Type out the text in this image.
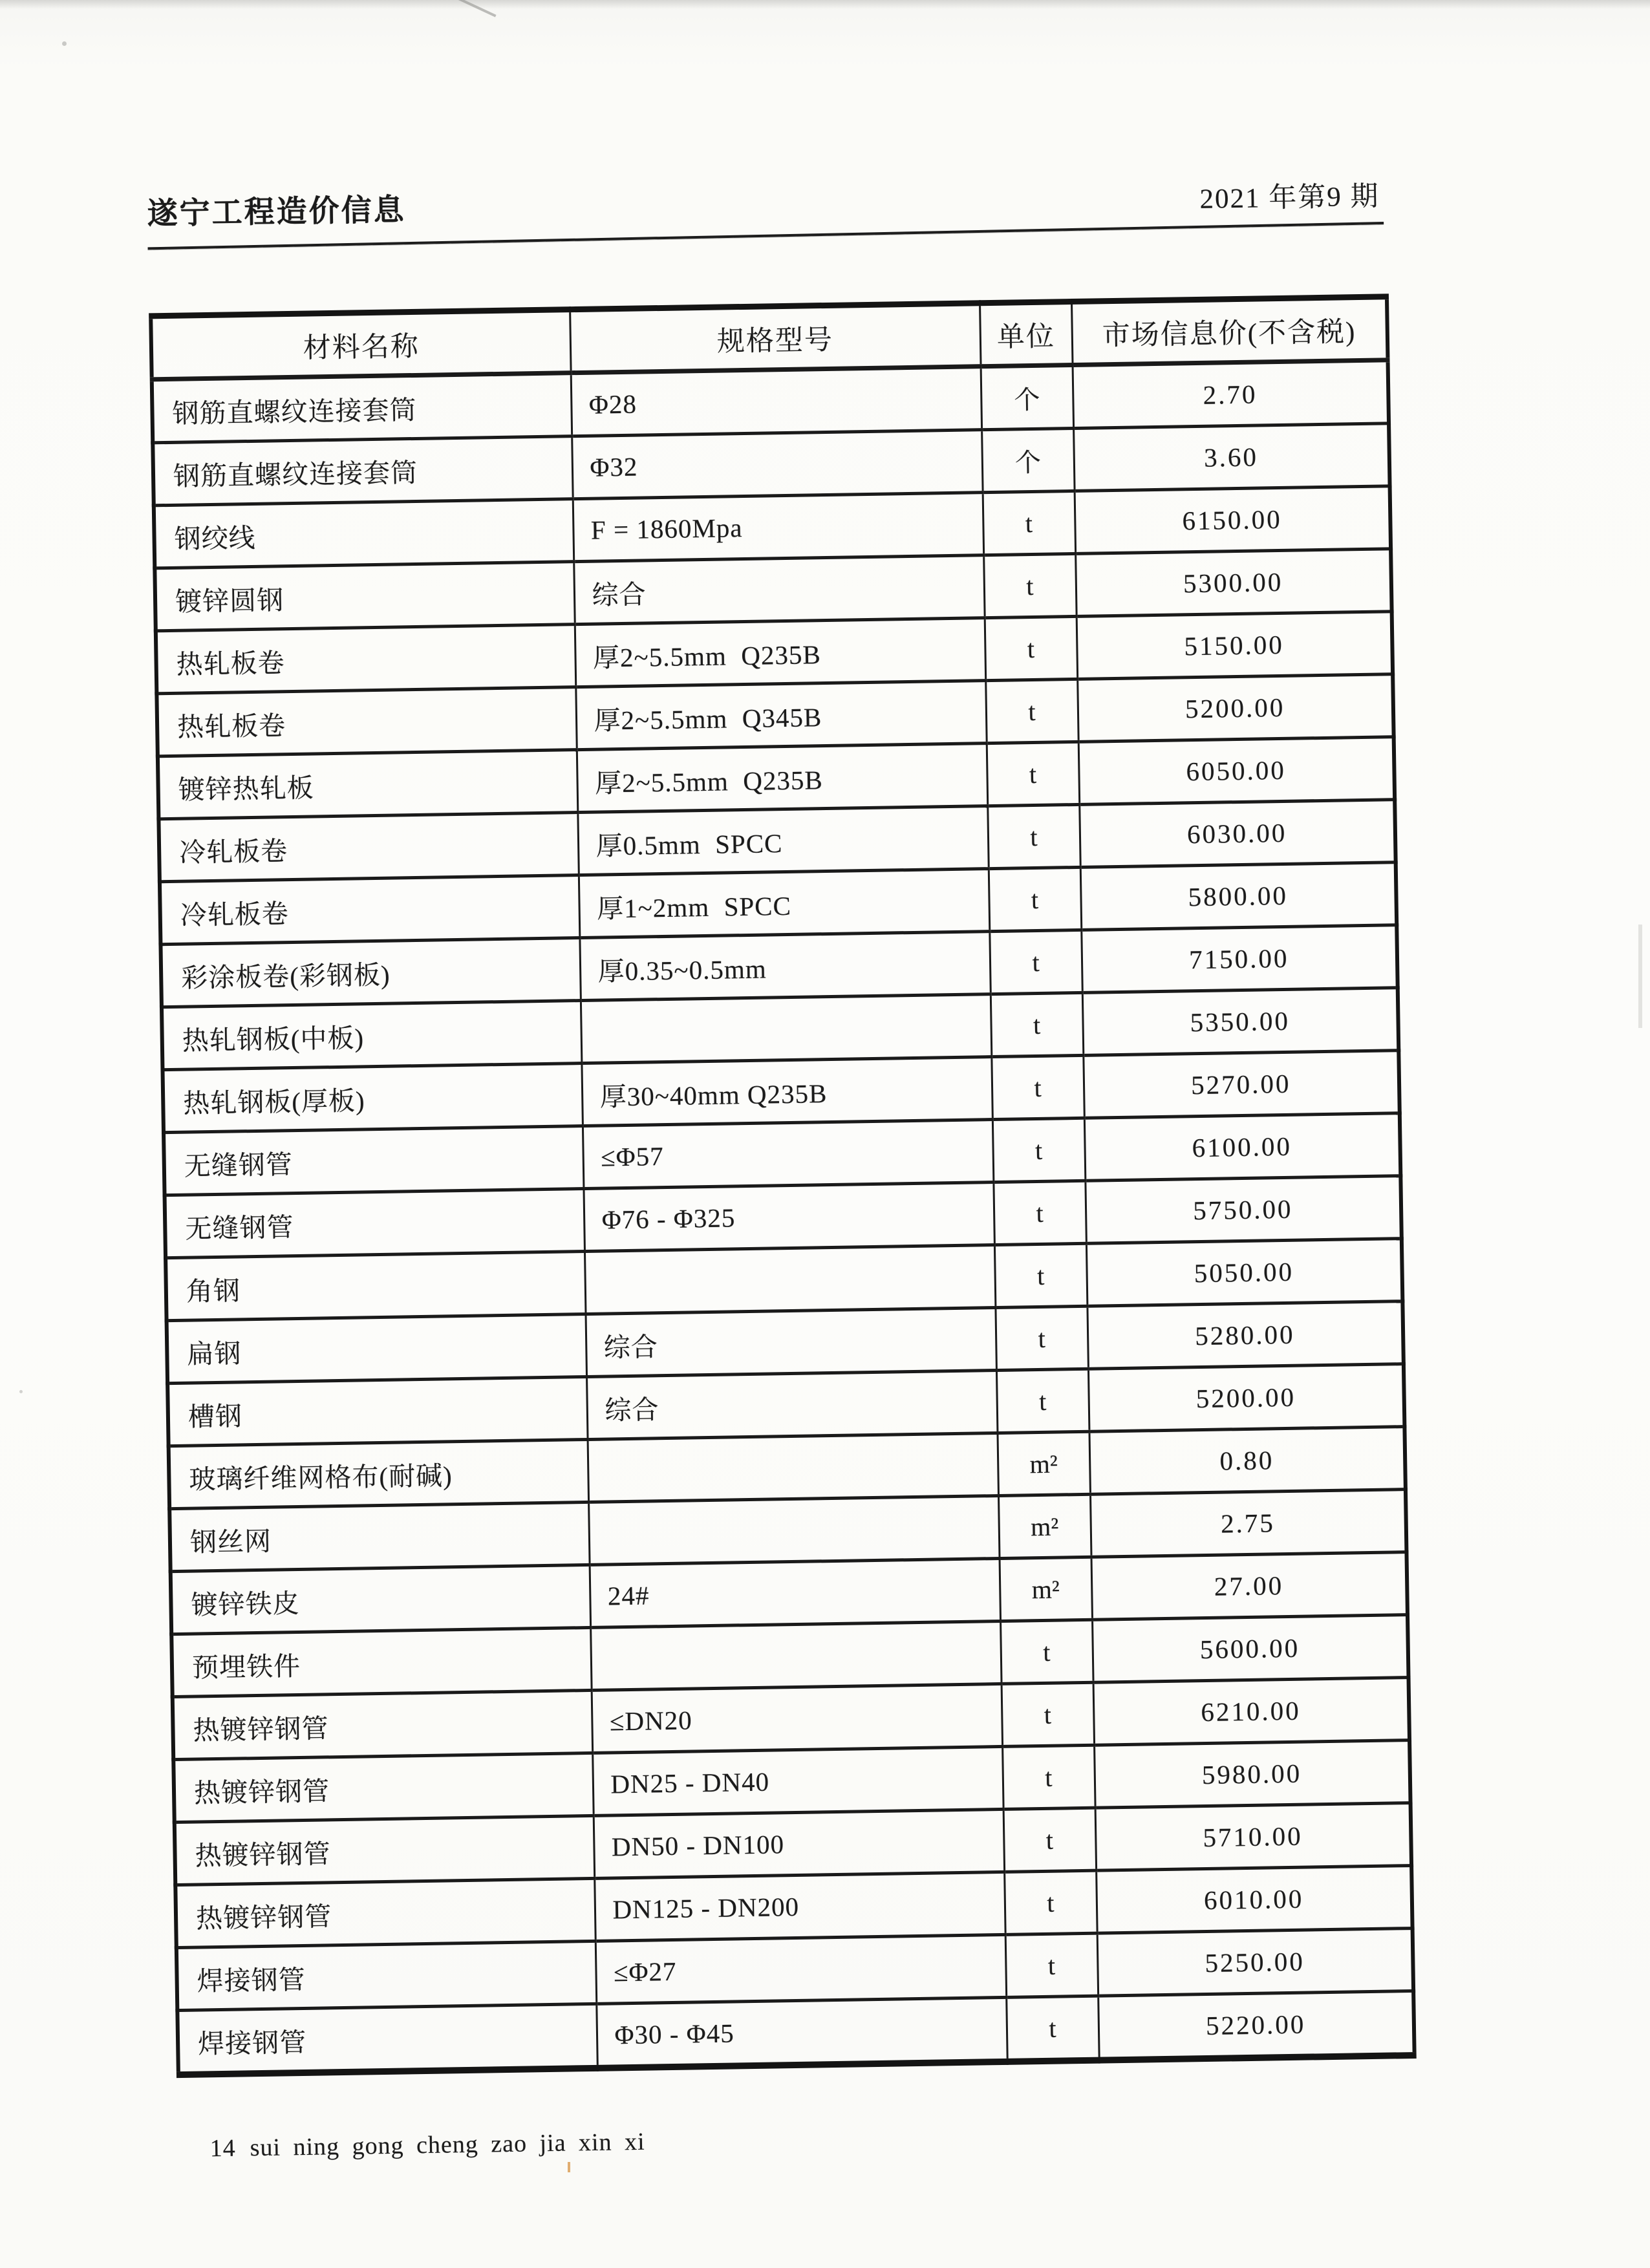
遂宁工程造价信息	2021 年第9 期
材料名称	规格型号	单位	市场信息价(不含税)
钢筋直螺纹连接套筒	Φ28	个	2.70
钢筋直螺纹连接套筒	Φ32	个	3.60
钢绞线	F = 1860Mpa	t	6150.00
镀锌圆钢	综合	t	5300.00
热轧板卷	厚2~5.5mm  Q235B	t	5150.00
热轧板卷	厚2~5.5mm  Q345B	t	5200.00
镀锌热轧板	厚2~5.5mm  Q235B	t	6050.00
冷轧板卷	厚0.5mm  SPCC	t	6030.00
冷轧板卷	厚1~2mm  SPCC	t	5800.00
彩涂板卷(彩钢板)	厚0.35~0.5mm	t	7150.00
热轧钢板(中板)		t	5350.00
热轧钢板(厚板)	厚30~40mm Q235B	t	5270.00
无缝钢管	≤Φ57	t	6100.00
无缝钢管	Φ76 - Φ325	t	5750.00
角钢		t	5050.00
扁钢	综合	t	5280.00
槽钢	综合	t	5200.00
玻璃纤维网格布(耐碱)		m²	0.80
钢丝网		m²	2.75
镀锌铁皮	24#	m²	27.00
预埋铁件		t	5600.00
热镀锌钢管	≤DN20	t	6210.00
热镀锌钢管	DN25 - DN40	t	5980.00
热镀锌钢管	DN50 - DN100	t	5710.00
热镀锌钢管	DN125 - DN200	t	6010.00
焊接钢管	≤Φ27	t	5250.00
焊接钢管	Φ30 - Φ45	t	5220.00
14 sui ning gong cheng zao jia xin xi
